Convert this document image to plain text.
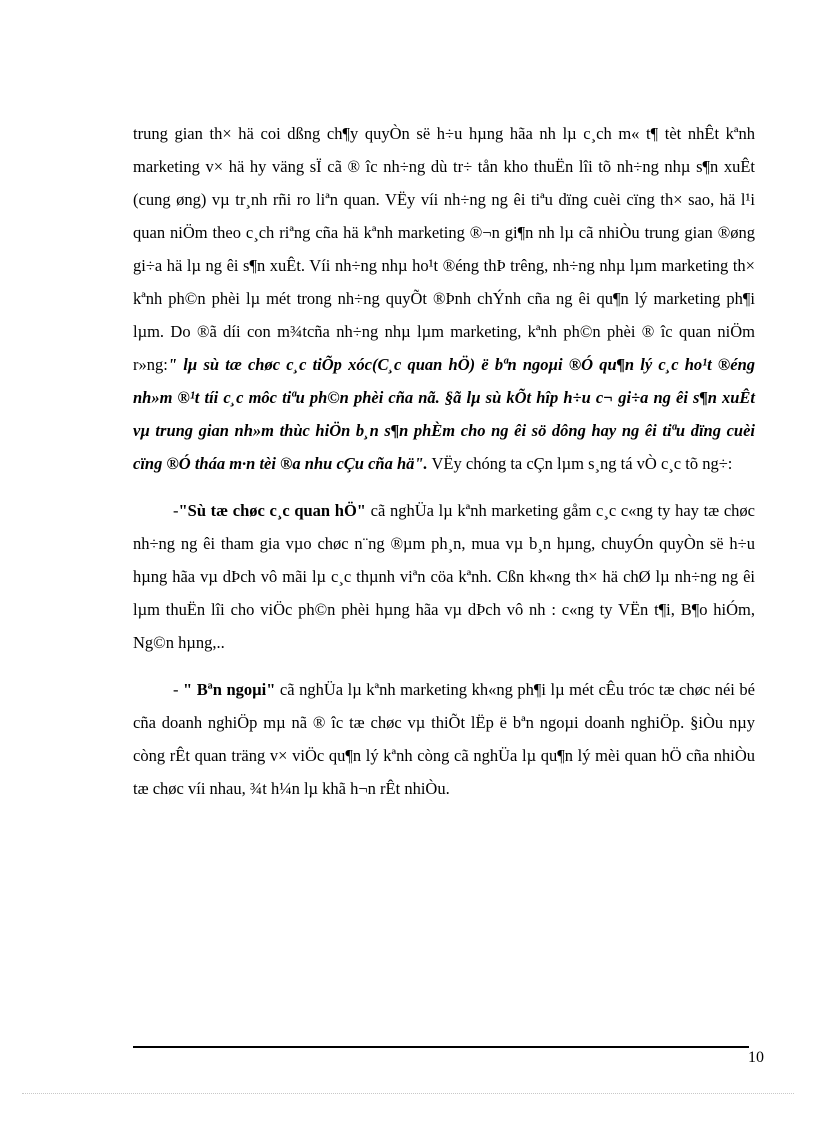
trung gian th× hä coi dßng ch¶y quyÒn së h÷u hµng hãa nh lµ c¸ch m« t¶ tèt nhÊt kªnh marketing v× hä hy väng sÏ cã ® îc nh÷ng dù tr÷ tån kho thuËn lîi tõ nh÷ng nhµ s¶n xuÊt (cung øng) vµ tr¸nh rñi ro liªn quan. VËy víi nh÷ng ng êi tiªu dïng cuèi cïng th× sao, hä l¹i quan niÖm theo c¸ch riªng cña hä kªnh marketing ®¬n gi¶n nh lµ cã nhiÒu trung gian ®øng gi÷a hä lµ ng êi s¶n xuÊt. Víi nh÷ng nhµ ho¹t ®éng thÞ trêng, nh÷ng nhµ lµm marketing th× kªnh ph©n phèi lµ mét trong nh÷ng quyÕt ®Þnh chÝnh cña ng êi qu¶n lý marketing ph¶i lµm. Do ®ã díi con m¾tcña nh÷ng nhµ lµm marketing, kªnh ph©n phèi ® îc quan niÖm r»ng:" lµ sù tæ chøc c¸c tiÕp xóc(C¸c quan hÖ) ë bªn ngoµi ®Ó qu¶n lý c¸c ho¹t ®éng nh»m ®¹t tíi c¸c môc tiªu ph©n phèi cña nã. §ã lµ sù kÕt hîp h÷u c¬ gi÷a ng êi s¶n xuÊt vµ trung gian nh»m thùc hiÖn b¸n s¶n phÈm cho ng êi sö dông hay ng êi tiªu dïng cuèi cïng ®Ó tháa m·n tèi ®a nhu cÇu cña hä". VËy chóng ta cÇn lµm s¸ng tá vÒ c¸c tõ ng÷:

-"Sù tæ chøc c¸c quan hÖ" cã nghÜa lµ kªnh marketing gåm c¸c c«ng ty hay tæ chøc nh÷ng ng êi tham gia vµo chøc n¨ng ®µm ph¸n, mua vµ b¸n hµng, chuyÓn quyÒn së h÷u hµng hãa vµ dÞch vô mãi lµ c¸c thµnh viªn cöa kªnh. Cßn kh«ng th× hä chØ lµ nh÷ng ng êi lµm thuËn lîi cho viÖc ph©n phèi hµng hãa vµ dÞch vô nh : c«ng ty VËn t¶i, B¶o hiÓm, Ng©n hµng,..

- " Bªn ngoµi" cã nghÜa lµ kªnh marketing kh«ng ph¶i lµ mét cÊu tróc tæ chøc néi bé cña doanh nghiÖp mµ nã ® îc tæ chøc vµ thiÕt lËp ë bªn ngoµi doanh nghiÖp. §iÒu nµy còng rÊt quan träng v× viÖc qu¶n lý kªnh còng cã nghÜa lµ qu¶n lý mèi quan hÖ cña nhiÒu tæ chøc víi nhau, ¾t h¼n lµ khã h¬n rÊt nhiÒu.

10
